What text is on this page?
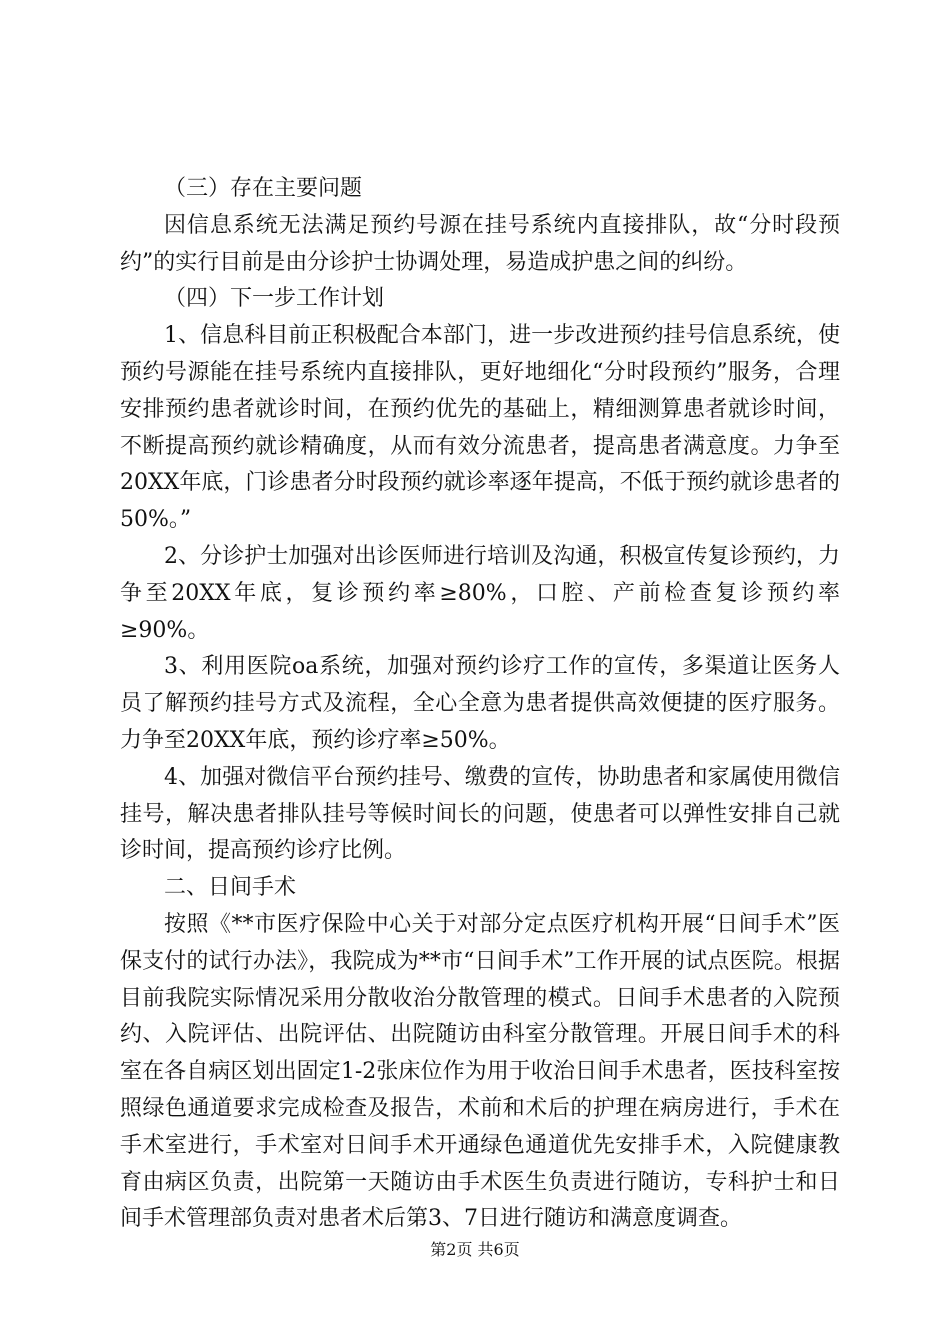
（三）存在主要问题

因信息系统无法满足预约号源在挂号系统内直接排队，故“分时段预约”的实行目前是由分诊护士协调处理，易造成护患之间的纠纷。

（四）下一步工作计划

1、信息科目前正积极配合本部门，进一步改进预约挂号信息系统，使预约号源能在挂号系统内直接排队，更好地细化“分时段预约”服务，合理安排预约患者就诊时间，在预约优先的基础上，精细测算患者就诊时间，不断提高预约就诊精确度，从而有效分流患者，提高患者满意度。力争至20XX年底，门诊患者分时段预约就诊率逐年提高，不低于预约就诊患者的50%。”

2、分诊护士加强对出诊医师进行培训及沟通，积极宣传复诊预约，力争至20XX年底，复诊预约率≥80%，口腔、产前检查复诊预约率≥90%。

3、利用医院oa系统，加强对预约诊疗工作的宣传，多渠道让医务人员了解预约挂号方式及流程，全心全意为患者提供高效便捷的医疗服务。力争至20XX年底，预约诊疗率≥50%。

4、加强对微信平台预约挂号、缴费的宣传，协助患者和家属使用微信挂号，解决患者排队挂号等候时间长的问题，使患者可以弹性安排自己就诊时间，提高预约诊疗比例。

二、日间手术

按照《**市医疗保险中心关于对部分定点医疗机构开展“日间手术”医保支付的试行办法》，我院成为**市“日间手术”工作开展的试点医院。根据目前我院实际情况采用分散收治分散管理的模式。日间手术患者的入院预约、入院评估、出院评估、出院随访由科室分散管理。开展日间手术的科室在各自病区划出固定1-2张床位作为用于收治日间手术患者，医技科室按照绿色通道要求完成检查及报告，术前和术后的护理在病房进行，手术在手术室进行，手术室对日间手术开通绿色通道优先安排手术，入院健康教育由病区负责，出院第一天随访由手术医生负责进行随访，专科护士和日间手术管理部负责对患者术后第3、7日进行随访和满意度调查。

第2页 共6页
